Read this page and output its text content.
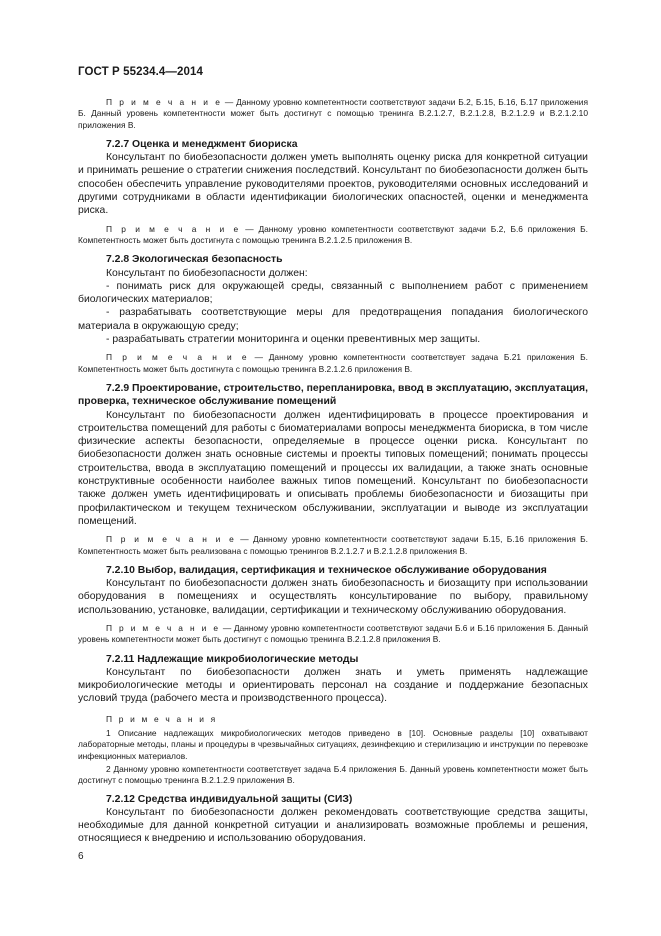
ГОСТ Р 55234.4—2014

П р и м е ч а н и е — Данному уровню компетентности соответствуют задачи Б.2, Б.15, Б.16, Б.17 приложения Б. Данный уровень компетентности может быть достигнут с помощью тренинга В.2.1.2.7, В.2.1.2.8, В.2.1.2.9 и В.2.1.2.10 приложения В.

7.2.7 Оценка и менеджмент биориска

Консультант по биобезопасности должен уметь выполнять оценку риска для конкретной ситуации и принимать решение о стратегии снижения последствий. Консультант по биобезопасности должен быть способен обеспечить управление руководителями проектов, руководителями основных исследований и другими сотрудниками в области идентификации биологических опасностей, оценки и менеджмента риска.

П р и м е ч а н и е — Данному уровню компетентности соответствуют задачи Б.2, Б.6 приложения Б. Компетентность может быть достигнута с помощью тренинга В.2.1.2.5 приложения В.

7.2.8 Экологическая безопасность

Консультант по биобезопасности должен:

- понимать риск для окружающей среды, связанный с выполнением работ с применением биологических материалов;

- разрабатывать соответствующие меры для предотвращения попадания биологического материала в окружающую среду;

- разрабатывать стратегии мониторинга и оценки превентивных мер защиты.

П р и м е ч а н и е — Данному уровню компетентности соответствует задача Б.21 приложения Б. Компетентность может быть достигнута с помощью тренинга В.2.1.2.6 приложения В.

7.2.9 Проектирование, строительство, перепланировка, ввод в эксплуатацию, эксплуатация, проверка, техническое обслуживание помещений

Консультант по биобезопасности должен идентифицировать в процессе проектирования и строительства помещений для работы с биоматериалами вопросы менеджмента биориска, в том числе физические аспекты безопасности, определяемые в процессе оценки риска. Консультант по биобезопасности должен знать основные системы и проекты типовых помещений; понимать процессы строительства, ввода в эксплуатацию помещений и процессы их валидации, а также знать основные конструктивные особенности наиболее важных типов помещений. Консультант по биобезопасности также должен уметь идентифицировать и описывать проблемы биобезопасности и биозащиты при профилактическом и текущем техническом обслуживании, эксплуатации и выводе из эксплуатации помещений.

П р и м е ч а н и е — Данному уровню компетентности соответствуют задачи Б.15, Б.16 приложения Б. Компетентность может быть реализована с помощью тренингов В.2.1.2.7 и В.2.1.2.8 приложения В.

7.2.10 Выбор, валидация, сертификация и техническое обслуживание оборудования

Консультант по биобезопасности должен знать биобезопасность и биозащиту при использовании оборудования в помещениях и осуществлять консультирование по выбору, правильному использованию, установке, валидации, сертификации и техническому обслуживанию оборудования.

П р и м е ч а н и е — Данному уровню компетентности соответствуют задачи Б.6 и Б.16 приложения Б. Данный уровень компетентности может быть достигнут с помощью тренинга В.2.1.2.8 приложения В.

7.2.11 Надлежащие микробиологические методы

Консультант по биобезопасности должен знать и уметь применять надлежащие микробиологические методы и ориентировать персонал на создание и поддержание безопасных условий труда (рабочего места и производственного процесса).

П р и м е ч а н и я

1 Описание надлежащих микробиологических методов приведено в [10]. Основные разделы [10] охватывают лабораторные методы, планы и процедуры в чрезвычайных ситуациях, дезинфекцию и стерилизацию и инструкции по перевозке инфекционных материалов.

2 Данному уровню компетентности соответствует задача Б.4 приложения Б. Данный уровень компетентности может быть достигнут с помощью тренинга В.2.1.2.9 приложения В.

7.2.12 Средства индивидуальной защиты (СИЗ)

Консультант по биобезопасности должен рекомендовать соответствующие средства защиты, необходимые для данной конкретной ситуации и анализировать возможные проблемы и решения, относящиеся к внедрению и использованию оборудования.

6
